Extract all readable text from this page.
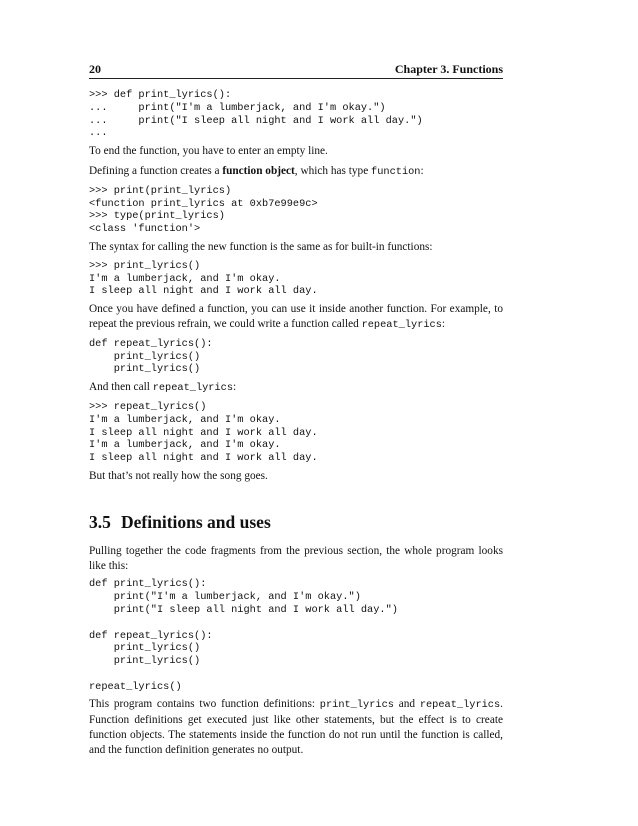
20	Chapter 3. Functions
>>> def print_lyrics():
...     print("I'm a lumberjack, and I'm okay.")
...     print("I sleep all night and I work all day.")
...

To end the function, you have to enter an empty line.

Defining a function creates a function object, which has type function:

>>> print(print_lyrics)
<function print_lyrics at 0xb7e99e9c>
>>> type(print_lyrics)
<class 'function'>

The syntax for calling the new function is the same as for built-in functions:

>>> print_lyrics()
I'm a lumberjack, and I'm okay.
I sleep all night and I work all day.

Once you have defined a function, you can use it inside another function. For example, to repeat the previous refrain, we could write a function called repeat_lyrics:

def repeat_lyrics():
print_lyrics()
print_lyrics()

And then call repeat_lyrics:

>>> repeat_lyrics()
I'm a lumberjack, and I'm okay.
I sleep all night and I work all day.
I'm a lumberjack, and I'm okay.
I sleep all night and I work all day.

But that’s not really how the song goes.

3.5 Definitions and uses

Pulling together the code fragments from the previous section, the whole program looks like this:

def print_lyrics():
print("I'm a lumberjack, and I'm okay.")
print("I sleep all night and I work all day.")

def repeat_lyrics():
print_lyrics()
print_lyrics()

repeat_lyrics()

This program contains two function definitions: print_lyrics and repeat_lyrics. Function definitions get executed just like other statements, but the effect is to create function objects. The statements inside the function do not run until the function is called, and the function definition generates no output.
